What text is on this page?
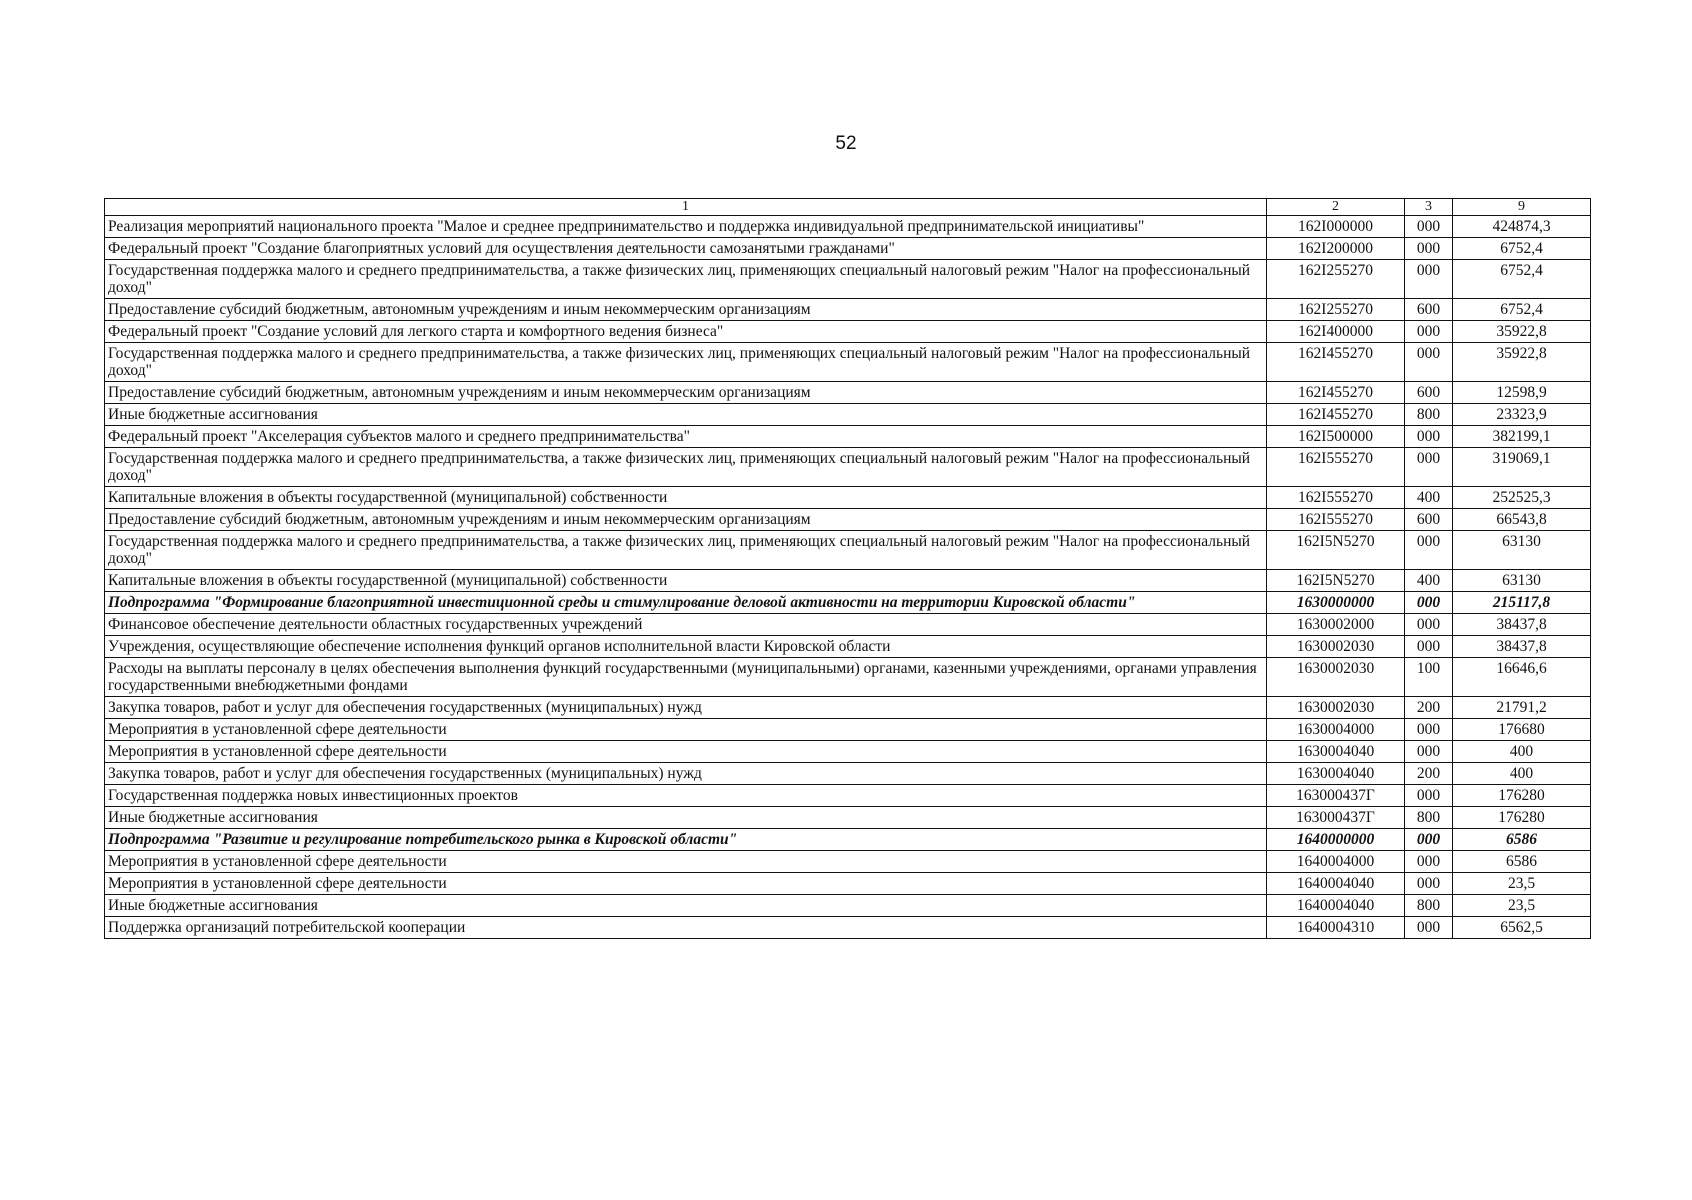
52
1	2	3	9
Реализация мероприятий национального проекта "Малое и среднее предпринимательство и поддержка индивидуальной предпринимательской инициативы"	162I000000	000	424874,3
Федеральный проект "Создание благоприятных условий для осуществления деятельности самозанятыми гражданами"	162I200000	000	6752,4
Государственная поддержка малого и среднего предпринимательства, а также физических лиц, применяющих специальный налоговый режим "Налог на профессиональный доход"	162I255270	000	6752,4
Предоставление субсидий бюджетным, автономным учреждениям и иным некоммерческим организациям	162I255270	600	6752,4
Федеральный проект "Создание условий для легкого старта и комфортного ведения бизнеса"	162I400000	000	35922,8
Государственная поддержка малого и среднего предпринимательства, а также физических лиц, применяющих специальный налоговый режим "Налог на профессиональный доход"	162I455270	000	35922,8
Предоставление субсидий бюджетным, автономным учреждениям и иным некоммерческим организациям	162I455270	600	12598,9
Иные бюджетные ассигнования	162I455270	800	23323,9
Федеральный проект "Акселерация субъектов малого и среднего предпринимательства"	162I500000	000	382199,1
Государственная поддержка малого и среднего предпринимательства, а также физических лиц, применяющих специальный налоговый режим "Налог на профессиональный доход"	162I555270	000	319069,1
Капитальные вложения в объекты государственной (муниципальной) собственности	162I555270	400	252525,3
Предоставление субсидий бюджетным, автономным учреждениям и иным некоммерческим организациям	162I555270	600	66543,8
Государственная поддержка малого и среднего предпринимательства, а также физических лиц, применяющих специальный налоговый режим "Налог на профессиональный доход"	162I5N5270	000	63130
Капитальные вложения в объекты государственной (муниципальной) собственности	162I5N5270	400	63130
Подпрограмма "Формирование благоприятной инвестиционной среды и стимулирование деловой активности на территории Кировской области"	1630000000	000	215117,8
Финансовое обеспечение деятельности областных государственных учреждений	1630002000	000	38437,8
Учреждения, осуществляющие обеспечение исполнения функций органов исполнительной власти Кировской области	1630002030	000	38437,8
Расходы на выплаты персоналу в целях обеспечения выполнения функций государственными (муниципальными) органами, казенными учреждениями, органами управления государственными внебюджетными фондами	1630002030	100	16646,6
Закупка товаров, работ и услуг для обеспечения государственных (муниципальных) нужд	1630002030	200	21791,2
Мероприятия в установленной сфере деятельности	1630004000	000	176680
Мероприятия в установленной сфере деятельности	1630004040	000	400
Закупка товаров, работ и услуг для обеспечения государственных (муниципальных) нужд	1630004040	200	400
Государственная поддержка новых инвестиционных проектов	163000437Г	000	176280
Иные бюджетные ассигнования	163000437Г	800	176280
Подпрограмма "Развитие и регулирование потребительского рынка в Кировской области"	1640000000	000	6586
Мероприятия в установленной сфере деятельности	1640004000	000	6586
Мероприятия в установленной сфере деятельности	1640004040	000	23,5
Иные бюджетные ассигнования	1640004040	800	23,5
Поддержка организаций потребительской кооперации	1640004310	000	6562,5
